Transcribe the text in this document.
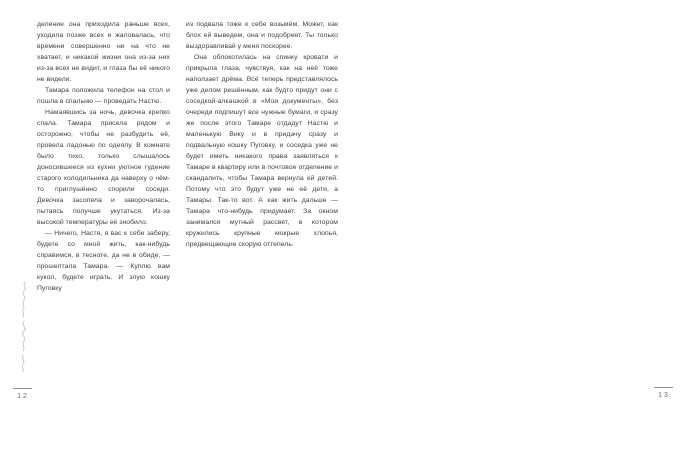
деление она приходила раньше всех, уходила позже всех и жаловалась, что времени совершенно ни на что не хватает, и никакой жизни она из-за них из-за всех не видит, и глаза бы её никого не видели.

Тамара положила телефон на стол и пошла в спальню — проведать Настю.

Намаявшись за ночь, девочка крепко спала. Тамара присела рядом и осторожно, чтобы не разбудить её, провела ладонью по одеялу. В комнате было тихо, только слышалось доносившееся из кухни уютное гудение старого холодильника да наверху о чём-то приглушённо спорили соседи. Девочка засопела и заворочалась, пытаясь получше укутаться. Из-за высокой температуры её знобило.

— Ничего, Настя, я вас к себе заберу, будете со мной жить, как-нибудь справимся, в тесноте, да не в обиде, — прошептала Тамара. — Куплю вам кукол, будете играть. И злую кошку Пуговку

из подвала тоже к себе возьмём. Может, как блох ей выведем, она и подобреет. Ты только выздоравливай у меня поскорее.

Она облокотилась на спинку кровати и прикрыла глаза, чувствуя, как на неё тоже наползает дрёма. Всё теперь представлялось уже делом решённым, как будто придут они с соседкой-алкашкой в «Мои документы», без очереди подпишут все нужные бумаги, и сразу же после этого Тамаре отдадут Настю и маленькую Вику и в придачу сразу и подвальную кошку Пуговку, и соседка уже не будет иметь никакого права заявляться к Тамаре в квартиру или в почтовое отделение и скандалить, чтобы Тамара вернула ей детей. Потому что это будут уже не её дети, а Тамары. Так-то вот. А как жить дальше — Тамара что-нибудь придумает. За окном занимался мутный рассвет, в котором кружились крупные мокрые хлопья, предвещающие скорую оттепель.

12	13
